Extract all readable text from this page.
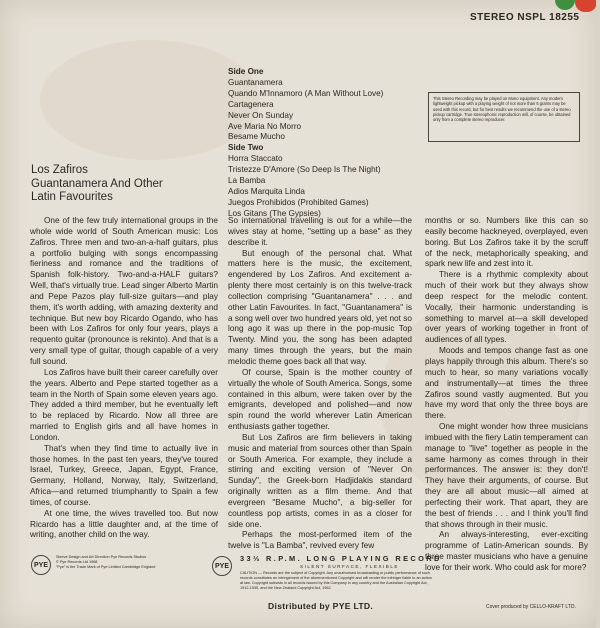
STEREO NSPL 18255
Side One
Guantanamera
Quando M'Innamoro (A Man Without Love)
Cartagenera
Never On Sunday
Ave Maria No Morro
Besame Mucho
Side Two
Horra Staccato
Tristezze D'Amore (So Deep Is The Night)
La Bamba
Adios Marquita Linda
Juegos Prohibidos (Prohibited Games)
Los Gitans (The Gypsies)
This Stereo Recording may be played on Mono equipment. Any modern lightweight pickup with a playing weight of not more than 5 grams may be used with this record, but for best results we recommend the use of a stereo pickup cartridge. True stereophonic reproduction will, of course, be obtained only from a complete stereo reproducer.
Los Zafiros
Guantanamera And Other
Latin Favourites

One of the few truly international groups in the whole wide world of South American music: Los Zafiros. Three men and two-an-a-half guitars, plus a portfolio bulging with songs encompassing fieriness and romance and the traditions of Spanish folk-history. Two-and-a-HALF guitars? Well, that's virtually true. Lead singer Alberto Martin and Pepe Pazos play full-size guitars—and play them, it's worth adding, with amazing dexterity and technique. But new boy Ricardo Ogando, who has been with Los Zafiros for only four years, plays a requento guitar (pronounce is rekinto). And that is a very small type of guitar, though capable of a very full sound.

Los Zafiros have built their career carefully over the years. Alberto and Pepe started together as a team in the North of Spain some eleven years ago. They added a third member, but he eventually left to be replaced by Ricardo. Now all three are married to English girls and all have homes in London.

That's when they find time to actually live in those homes. In the past ten years, they've toured Israel, Turkey, Greece, Japan, Egypt, France, Germany, Holland, Norway, Italy, Switzerland, Africa—and returned triumphantly to Spain a few times, of course.

At one time, the wives travelled too. But now Ricardo has a little daughter and, at the time of writing, another child on the way.

So international travelling is out for a while—the wives stay at home, "setting up a base" as they describe it.

But enough of the personal chat. What matters here is the music, the excitement, engendered by Los Zafiros. And excitement a-plenty there most certainly is on this twelve-track collection comprising "Guantanamera" . . . and other Latin Favourites. In fact, "Guantanamera" is a song well over two hundred years old, yet not so long ago it was up there in the pop-music Top Twenty. Mind you, the song has been adapted many times through the years, but the main melodic theme goes back all that way.

Of course, Spain is the mother country of virtually the whole of South America. Songs, some contained in this album, were taken over by the emigrants, developed and polished—and now spin round the world wherever Latin American enthusiasts gather together.

But Los Zafiros are firm believers in taking music and material from sources other than Spain or South America. For example, they include a stirring and exciting version of "Never On Sunday", the Greek-born Hadjidakis standard originally written as a film theme. And that evergreen "Besame Mucho", a big-seller for countless pop artists, comes in as a closer for side one.

Perhaps the most-performed item of the twelve is "La Bamba", revived every few

months or so. Numbers like this can so easily become hackneyed, overplayed, even boring. But Los Zafiros take it by the scruff of the neck, metaphorically speaking, and spark new life and zest into it.

There is a rhythmic complexity about much of their work but they always show deep respect for the melodic content. Vocally, their harmonic understanding is something to marvel at—a skill developed over years of working together in front of audiences of all types.

Moods and tempos change fast as one plays happily through this album. There's so much to hear, so many variations vocally and instrumentally—at times the three Zafiros sound vastly augmented. But you have my word that only the three boys are there.

One might wonder how three musicians imbued with the fiery Latin temperament can manage to "live" together as people in the same harmony as comes through in their performances. The answer is: they don't! They have their arguments, of course. But they are all about music—all aimed at perfecting their work. That apart, they are the best of friends . . . and I think you'll find that shows through in their music.

An always-interesting, ever-exciting programme of Latin-American sounds. By three master musicians who have a genuine love for their work. Who could ask for more?

PYE
Sleeve Design and Art Direction Pye Records Studios
© Pye Records Ltd 1968
"Pye" is the Trade Mark of Pye Limited Cambridge England	PYE
33⅓ R.P.M. LONG PLAYING RECORD
SILENT SURFACE, FLEXIBLE
CAUTION — Records are the subject of Copyright. Any unauthorised broadcasting or public performance of such records constitutes an infringement of the aforementioned Copyright and will render the infringer liable to an action at law. Copyright subsists in all records issued by this Company in any country and the Australian Copyright Act, 1912-1935, and the New Zealand Copyright Act, 1962.
Distributed by PYE LTD.	Cover produced by CELLO-KRAFT LTD.
